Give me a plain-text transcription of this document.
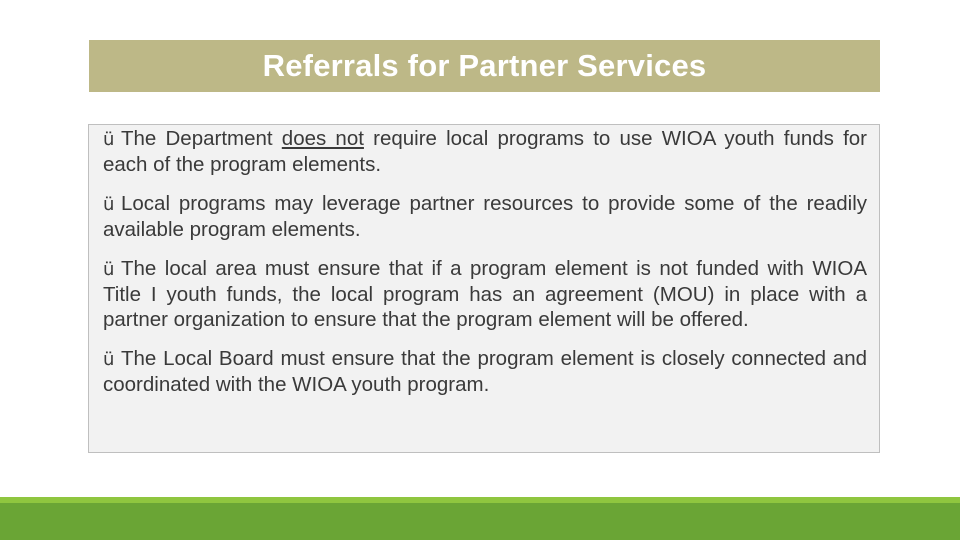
Referrals for Partner Services

ü The Department does not require local programs to use WIOA youth funds for each of the program elements.

ü Local programs may leverage partner resources to provide some of the readily available program elements.

ü The local area must ensure that if a program element is not funded with WIOA Title I youth funds, the local program has an agreement (MOU) in place with a partner organization to ensure that the program element will be offered.

ü The Local Board must ensure that the program element is closely connected and coordinated with the WIOA youth program.
